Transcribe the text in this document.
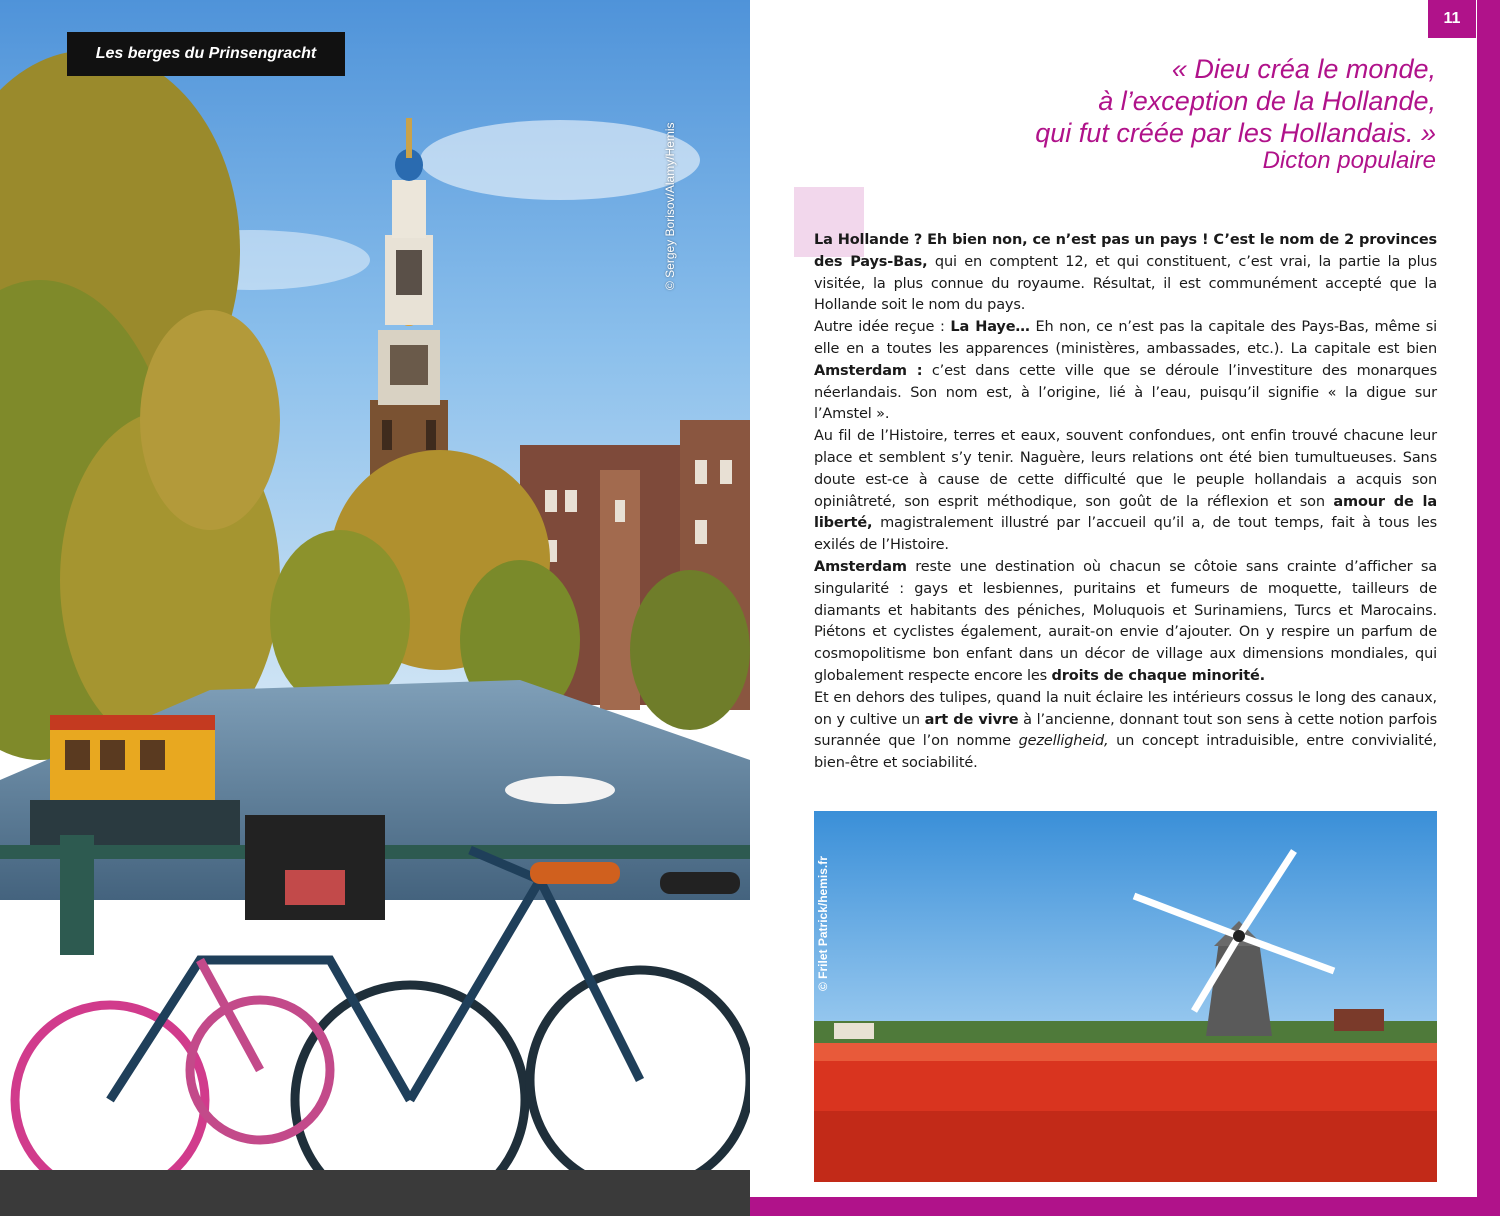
Les berges du Prinsengracht
© Sergey Borisov/Alamy/Hemis
11
« Dieu créa le monde,
à l’exception de la Hollande,
qui fut créée par les Hollandais. »
Dicton populaire

La Hollande ? Eh bien non, ce n’est pas un pays ! C’est le nom de 2 provinces des Pays-Bas, qui en comptent 12, et qui constituent, c’est vrai, la partie la plus visitée, la plus connue du royaume. Résultat, il est communément accepté que la Hollande soit le nom du pays.

Autre idée reçue : La Haye… Eh non, ce n’est pas la capitale des Pays-Bas, même si elle en a toutes les apparences (ministères, ambassades, etc.). La capitale est bien Amsterdam : c’est dans cette ville que se déroule l’investiture des monarques néerlandais. Son nom est, à l’origine, lié à l’eau, puisqu’il signifie « la digue sur l’Amstel ».

Au fil de l’Histoire, terres et eaux, souvent confondues, ont enfin trouvé chacune leur place et semblent s’y tenir. Naguère, leurs relations ont été bien tumultueuses. Sans doute est-ce à cause de cette difficulté que le peuple hollandais a acquis son opiniâtreté, son esprit méthodique, son goût de la réflexion et son amour de la liberté, magistralement illustré par l’accueil qu’il a, de tout temps, fait à tous les exilés de l’Histoire.

Amsterdam reste une destination où chacun se côtoie sans crainte d’afficher sa singularité : gays et lesbiennes, puritains et fumeurs de moquette, tailleurs de diamants et habitants des péniches, Moluquois et Surinamiens, Turcs et Marocains. Piétons et cyclistes également, aurait-on envie d’ajouter. On y respire un parfum de cosmopolitisme bon enfant dans un décor de village aux dimensions mondiales, qui globalement respecte encore les droits de chaque minorité.

Et en dehors des tulipes, quand la nuit éclaire les intérieurs cossus le long des canaux, on y cultive un art de vivre à l’ancienne, donnant tout son sens à cette notion parfois surannée que l’on nomme gezelligheid, un concept intraduisible, entre convivialité, bien-être et sociabilité.

© Frilet Patrick/hemis.fr
